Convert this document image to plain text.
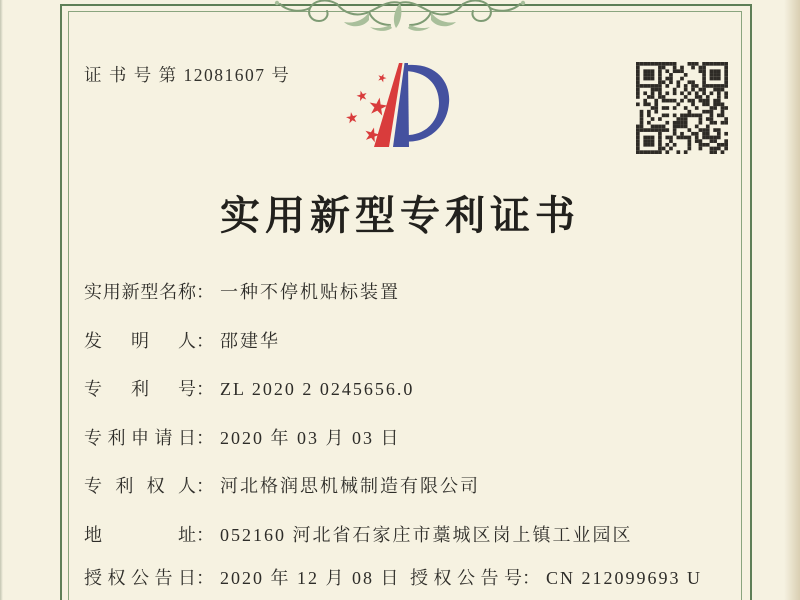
证 书 号 第 12081607 号
实用新型专利证书
实用新型名称： 一种不停机贴标装置
发明人： 邵建华
专利号： ZL 2020 2 0245656.0
专利申请日： 2020 年 03 月 03 日
专利权人： 河北格润思机械制造有限公司
地址： 052160 河北省石家庄市藁城区岗上镇工业园区
授权公告日： 2020 年 12 月 08 日 授权公告号： CN 212099693 U
